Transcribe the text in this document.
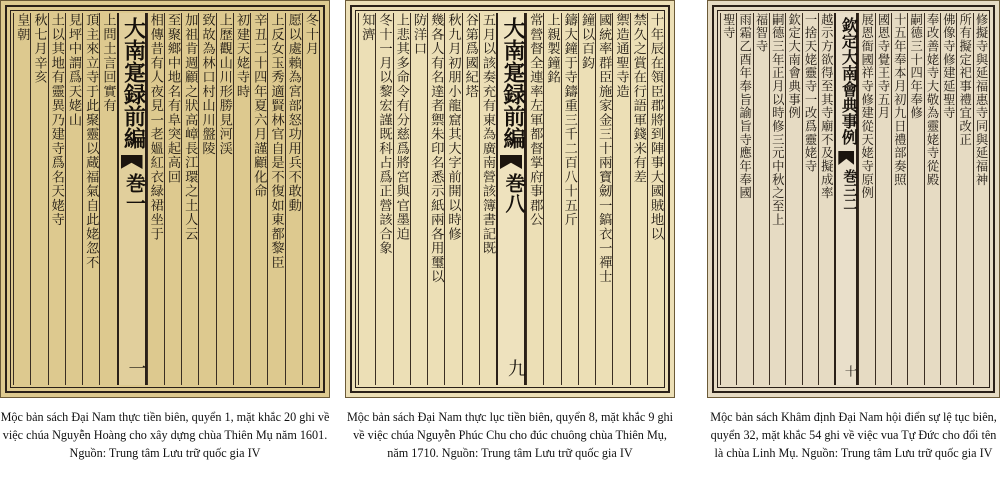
皇朝 秋七月辛亥 土以其地有靈異乃建寺爲名天姥寺 見坪中謂爲天姥山 頂主來立寺于此聚靈以蔵福氣自此姥忽不 上問土言回實有 大南寔録前編
巻一
一
相傳昔有人夜見一老媼紅衣緑裙坐于 至聚鄉中地名有阜突起高回 加祖肯週顧之狀高嶂長江環之土人云 致故為林口村山川盤陵 上歷觀山川形勝見河渓 初建天姥寺時 辛丑二十四年夏六月謹顧化命 上反女玉秀適賢林官自是不復如東都黎臣 愿以處賴為宮部怒功用兵不敢動 冬十月	知濟 冬十一月以黎宏謹既科占爲正營該合象 上悲其多命令有分慈爲將宮與官墨迫 防洋口 幾各人有名達者禦朱印名悉示紙兩各用璽以 秋九月初朋小龍窟其大字前開以時修 谷第爲國紀塔 五月以該奏充有東為廣南營該簿書記既 大南寔録前編
巻八
九
常營督全連率左軍都督掌府事郡公 上親製鐘銘 鑄大鐘于寺鑄重三千二百八十五斤 鐘以百鈞 國統率群臣施家金三十兩寶劒一鎬衣一禪士 禦造通聖寺造 禁久之賞在行語軍錢米有差 十年辰在領臣郡將到陣事大國賊地以	聖寺 雨霜乙酉年奉旨諭旨寺應年奉國 福智寺 嗣德三年正月以時修三元中秋之至上 欽定大南會典事例 一捨天姥靈寺一改爲靈姥寺 越示方欲得至其寺廟不及擬成率 欽定大南會典事例
巻三二
十
展恩衙國祥寺修建從天姥寺原例 國恩寺覺王寺五月 十五年奉本月初九日禮部奏照 嗣德三十四年奉修 奉改善姥寺大敬為靈姥寺從殿 佛像寺修建延聖寺 所有擬定祀事禮宜改正 修擬寺與延福惠寺同與延福神
Mộc bản sách Đại Nam thực tiền biên, quyển 1, mặt khắc 20 ghi về việc chúa Nguyễn Hoàng cho xây dựng chùa Thiên Mụ năm 1601. Nguồn: Trung tâm Lưu trữ quốc gia IV
Mộc bản sách Đại Nam thực lục tiền biên, quyển 8, mặt khắc 9 ghi về việc chúa Nguyễn Phúc Chu cho đúc chuông chùa Thiên Mụ, năm 1710. Nguồn: Trung tâm Lưu trữ quốc gia IV
Mộc bản sách Khâm định Đại Nam hội điển sự lệ tục biên, quyển 32, mặt khắc 54 ghi về việc vua Tự Đức cho đổi tên là chùa Linh Mụ. Nguồn: Trung tâm Lưu trữ quốc gia IV
